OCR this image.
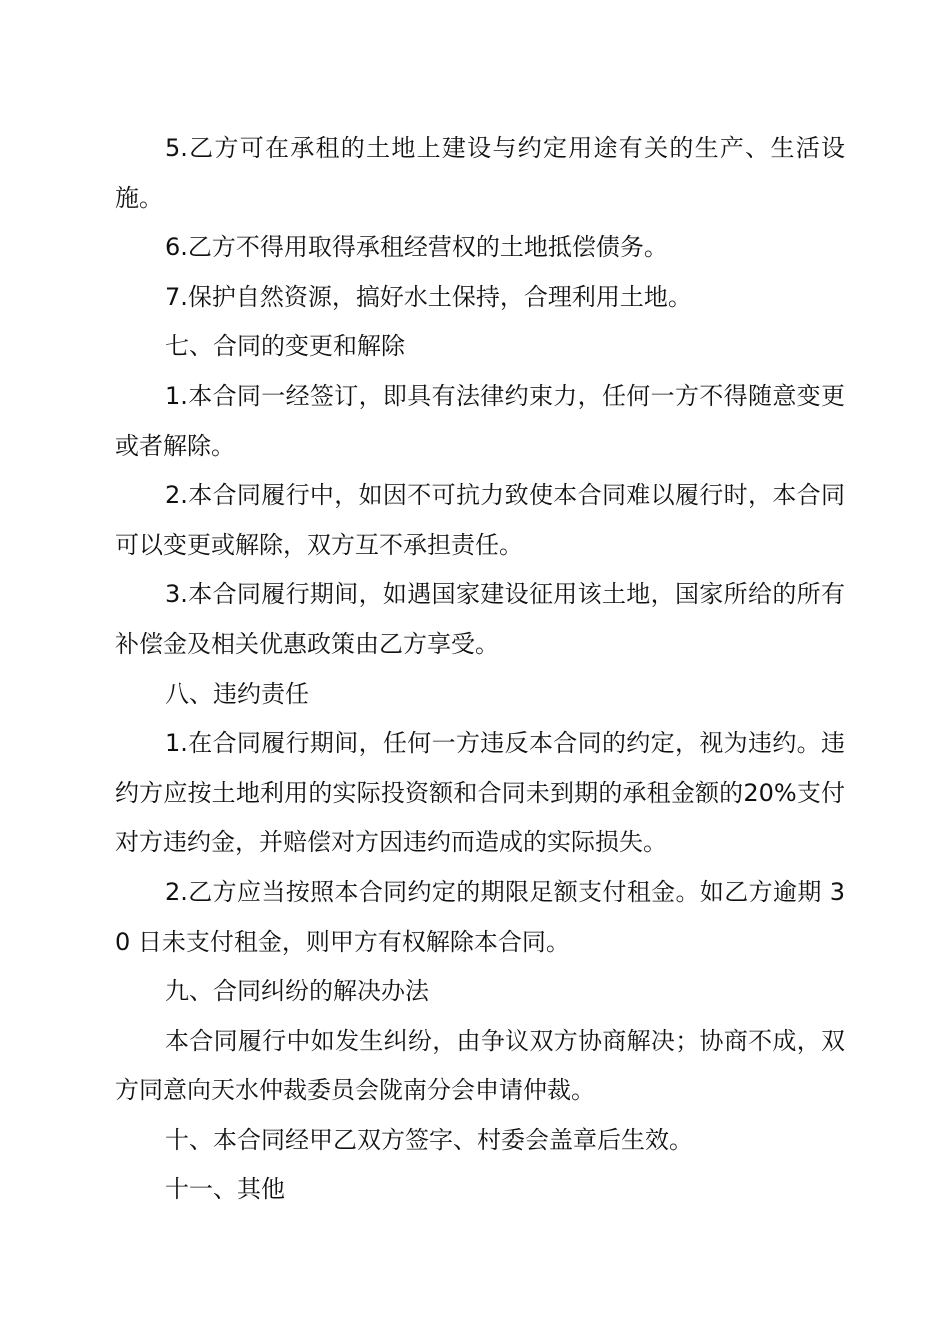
5.乙方可在承租的土地上建设与约定用途有关的生产、生活设施。

6.乙方不得用取得承租经营权的土地抵偿债务。

7.保护自然资源，搞好水土保持，合理利用土地。

七、合同的变更和解除

1.本合同一经签订，即具有法律约束力，任何一方不得随意变更或者解除。

2.本合同履行中，如因不可抗力致使本合同难以履行时，本合同可以变更或解除，双方互不承担责任。

3.本合同履行期间，如遇国家建设征用该土地，国家所给的所有补偿金及相关优惠政策由乙方享受。

八、违约责任

1.在合同履行期间，任何一方违反本合同的约定，视为违约。违约方应按土地利用的实际投资额和合同未到期的承租金额的20%支付对方违约金，并赔偿对方因违约而造成的实际损失。

2.乙方应当按照本合同约定的期限足额支付租金。如乙方逾期 30 日未支付租金，则甲方有权解除本合同。

九、合同纠纷的解决办法

本合同履行中如发生纠纷，由争议双方协商解决；协商不成，双方同意向天水仲裁委员会陇南分会申请仲裁。

十、本合同经甲乙双方签字、村委会盖章后生效。

十一、其他
